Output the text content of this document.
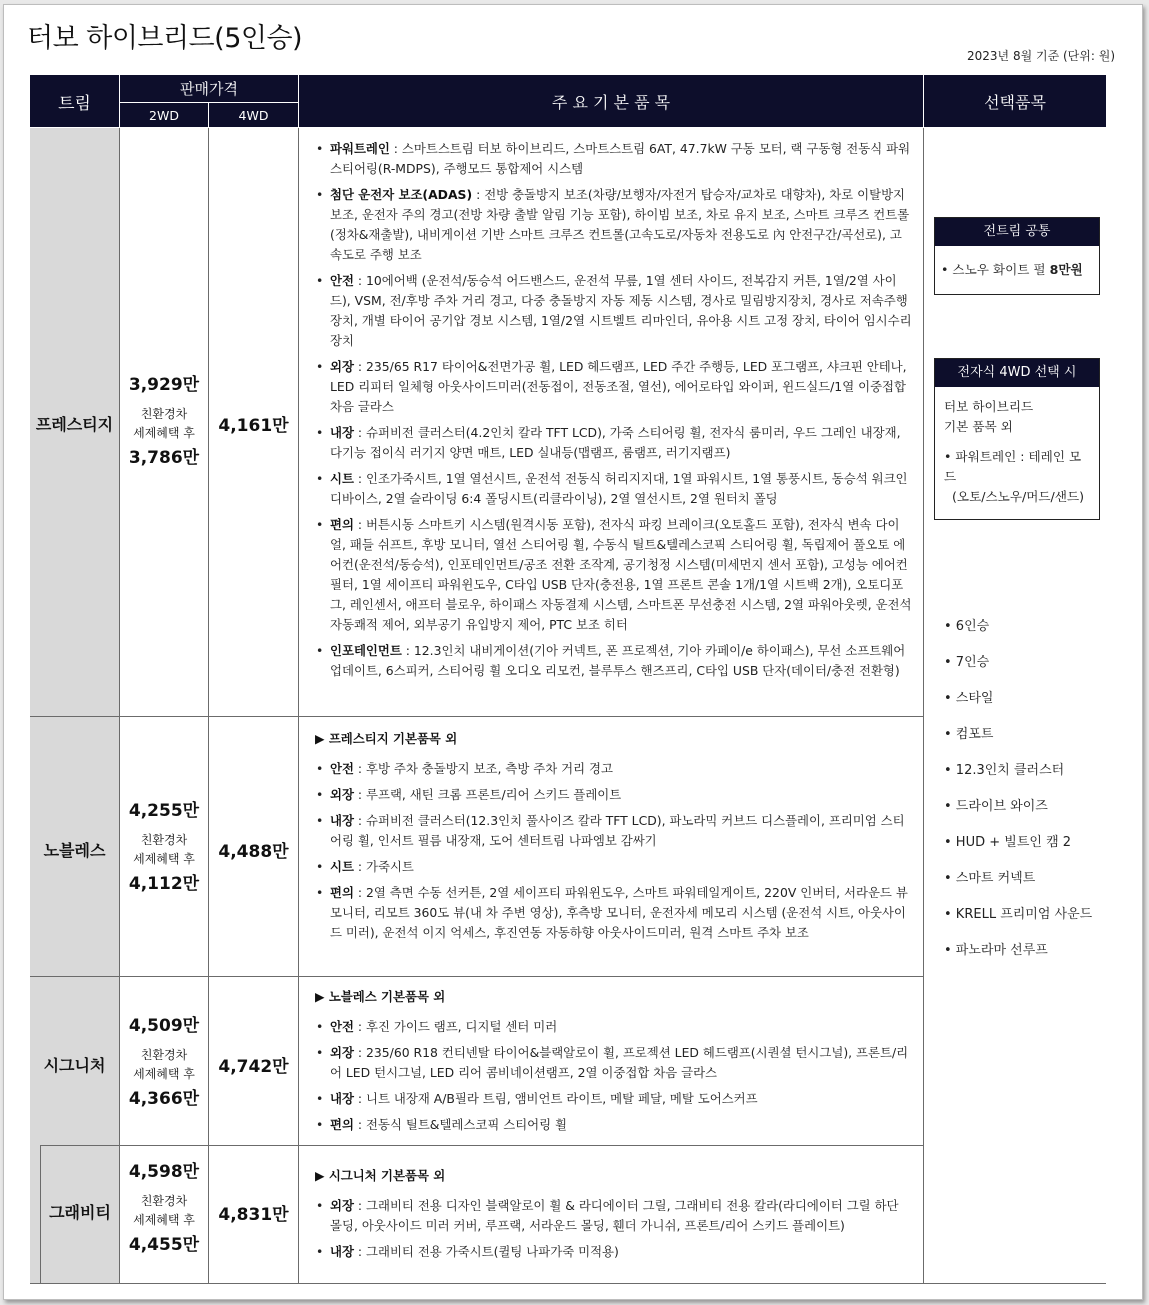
터보 하이브리드(5인승)
2023년 8월 기준 (단위: 원)
트림
판매가격
2WD	4WD
주 요 기 본 품 목	선택품목
프레스티지
3,929만
친환경차
세제혜택 후
3,786만
4,161만
• 파워트레인 : 스마트스트림 터보 하이브리드, 스마트스트림 6AT, 47.7kW 구동 모터, 랙 구동형 전동식 파워스티어링(R-MDPS), 주행모드 통합제어 시스템
• 첨단 운전자 보조(ADAS) : 전방 충돌방지 보조(차량/보행자/자전거 탑승자/교차로 대향차), 차로 이탈방지 보조, 운전자 주의 경고(전방 차량 출발 알림 기능 포함), 하이빔 보조, 차로 유지 보조, 스마트 크루즈 컨트롤(정차&재출발), 내비게이션 기반 스마트 크루즈 컨트롤(고속도로/자동차 전용도로 內 안전구간/곡선로), 고속도로 주행 보조
• 안전 : 10에어백 (운전석/동승석 어드밴스드, 운전석 무릎, 1열 센터 사이드, 전복감지 커튼, 1열/2열 사이드), VSM, 전/후방 주차 거리 경고, 다중 충돌방지 자동 제동 시스템, 경사로 밀림방지장치, 경사로 저속주행장치, 개별 타이어 공기압 경보 시스템, 1열/2열 시트벨트 리마인더, 유아용 시트 고정 장치, 타이어 임시수리장치
• 외장 : 235/65 R17 타이어&전면가공 휠, LED 헤드램프, LED 주간 주행등, LED 포그램프, 샤크핀 안테나, LED 리피터 일체형 아웃사이드미러(전동접이, 전동조절, 열선), 에어로타입 와이퍼, 윈드실드/1열 이중접합 차음 글라스
• 내장 : 슈퍼비전 클러스터(4.2인치 칼라 TFT LCD), 가죽 스티어링 휠, 전자식 룸미러, 우드 그레인 내장재, 다기능 접이식 러기지 양면 매트, LED 실내등(맵램프, 룸램프, 러기지램프)
• 시트 : 인조가죽시트, 1열 열선시트, 운전석 전동식 허리지지대, 1열 파워시트, 1열 통풍시트, 동승석 워크인 디바이스, 2열 슬라이딩 6:4 폴딩시트(리클라이닝), 2열 열선시트, 2열 원터치 폴딩
• 편의 : 버튼시동 스마트키 시스템(원격시동 포함), 전자식 파킹 브레이크(오토홀드 포함), 전자식 변속 다이얼, 패들 쉬프트, 후방 모니터, 열선 스티어링 휠, 수동식 틸트&텔레스코픽 스티어링 휠, 독립제어 풀오토 에어컨(운전석/동승석), 인포테인먼트/공조 전환 조작계, 공기청정 시스템(미세먼지 센서 포함), 고성능 에어컨 필터, 1열 세이프티 파워윈도우, C타입 USB 단자(충전용, 1열 프론트 콘솔 1개/1열 시트백 2개), 오토디포그, 레인센서, 애프터 블로우, 하이패스 자동결제 시스템, 스마트폰 무선충전 시스템, 2열 파워아웃렛, 운전석 자동쾌적 제어, 외부공기 유입방지 제어, PTC 보조 히터
• 인포테인먼트 : 12.3인치 내비게이션(기아 커넥트, 폰 프로젝션, 기아 카페이/e 하이패스), 무선 소프트웨어 업데이트, 6스피커, 스티어링 휠 오디오 리모컨, 블루투스 핸즈프리, C타입 USB 단자(데이터/충전 전환형)
노블레스
4,255만
친환경차
세제혜택 후
4,112만
4,488만
▶ 프레스티지 기본품목 외
• 안전 : 후방 주차 충돌방지 보조, 측방 주차 거리 경고
• 외장 : 루프랙, 새틴 크롬 프론트/리어 스키드 플레이트
• 내장 : 슈퍼비전 클러스터(12.3인치 풀사이즈 칼라 TFT LCD), 파노라믹 커브드 디스플레이, 프리미엄 스티어링 휠, 인서트 필름 내장재, 도어 센터트림 나파엠보 감싸기
• 시트 : 가죽시트
• 편의 : 2열 측면 수동 선커튼, 2열 세이프티 파워윈도우, 스마트 파워테일게이트, 220V 인버터, 서라운드 뷰 모니터, 리모트 360도 뷰(내 차 주변 영상), 후측방 모니터, 운전자세 메모리 시스템 (운전석 시트, 아웃사이드 미러), 운전석 이지 억세스, 후진연동 자동하향 아웃사이드미러, 원격 스마트 주차 보조
시그니처
4,509만
친환경차
세제혜택 후
4,366만
4,742만
▶ 노블레스 기본품목 외
• 안전 : 후진 가이드 램프, 디지털 센터 미러
• 외장 : 235/60 R18 컨티넨탈 타이어&블랙알로이 휠, 프로젝션 LED 헤드램프(시퀀셜 턴시그널), 프론트/리어 LED 턴시그널, LED 리어 콤비네이션램프, 2열 이중접합 차음 글라스
• 내장 : 니트 내장재 A/B필라 트림, 앰비언트 라이트, 메탈 페달, 메탈 도어스커프
• 편의 : 전동식 틸트&텔레스코픽 스티어링 휠
그래비티
4,598만
친환경차
세제혜택 후
4,455만
4,831만
▶ 시그니처 기본품목 외
• 외장 : 그래비티 전용 디자인 블랙알로이 휠 & 라디에이터 그릴, 그래비티 전용 칼라(라디에이터 그릴 하단 몰딩, 아웃사이드 미러 커버, 루프랙, 서라운드 몰딩, 휀더 가니쉬, 프론트/리어 스키드 플레이트)
• 내장 : 그래비티 전용 가죽시트(퀼팅 나파가죽 미적용)
전트림 공통
• 스노우 화이트 펄 8만원
전자식 4WD 선택 시
터보 하이브리드
기본 품목 외
• 파워트레인 : 테레인 모드
(오토/스노우/머드/샌드)
• 6인승
• 7인승
• 스타일
• 컴포트
• 12.3인치 클러스터
• 드라이브 와이즈
• HUD + 빌트인 캠 2
• 스마트 커넥트
• KRELL 프리미엄 사운드
• 파노라마 선루프
